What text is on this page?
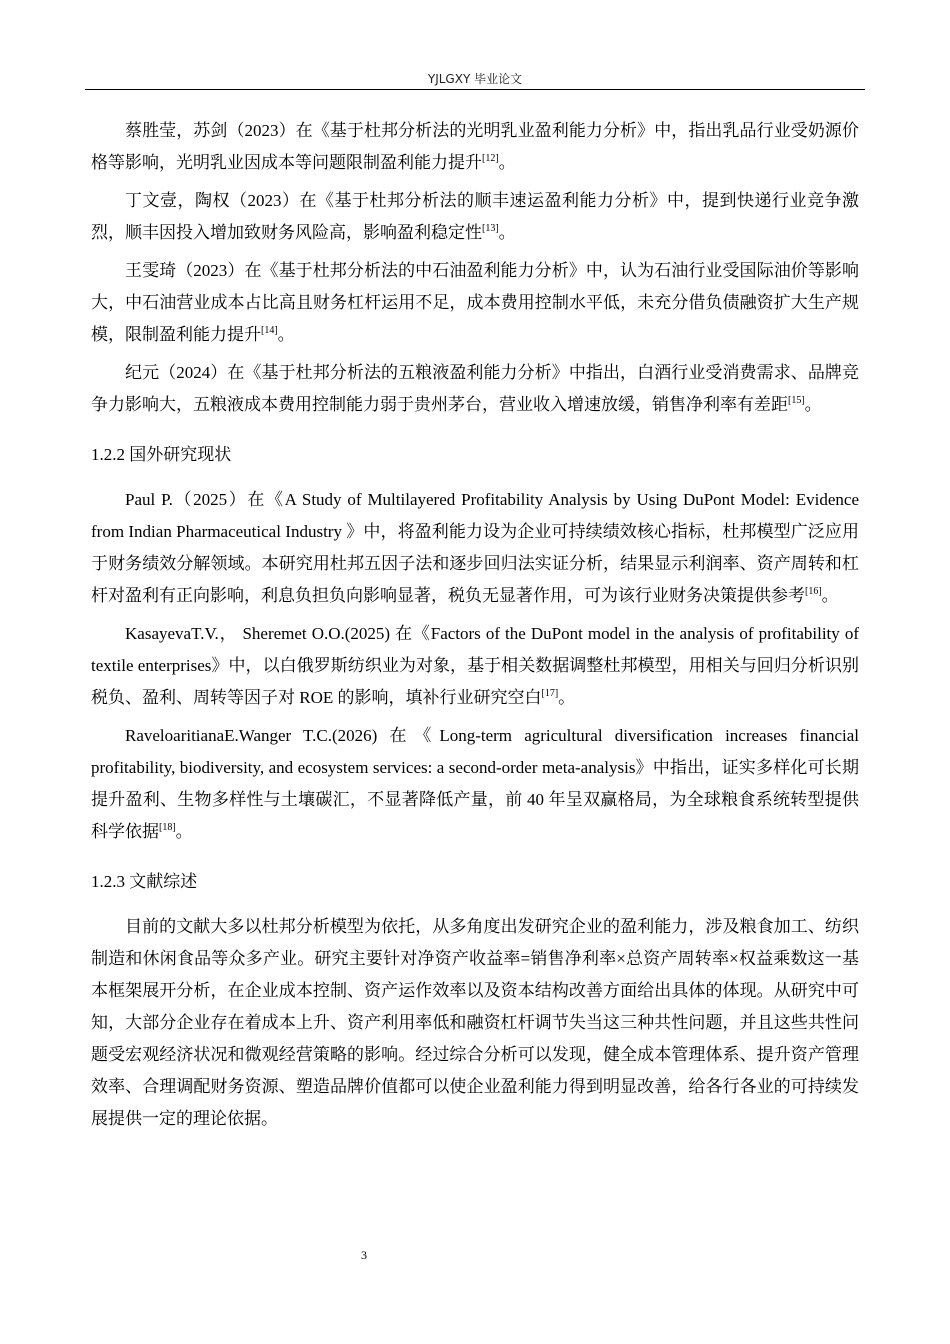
YJLGXY 毕业论文

蔡胜莹，苏剑（2023）在《基于杜邦分析法的光明乳业盈利能力分析》中，指出乳品行业受奶源价格等影响，光明乳业因成本等问题限制盈利能力提升[12]。

丁文壹，陶权（2023）在《基于杜邦分析法的顺丰速运盈利能力分析》中，提到快递行业竞争激烈，顺丰因投入增加致财务风险高，影响盈利稳定性[13]。

王雯琦（2023）在《基于杜邦分析法的中石油盈利能力分析》中，认为石油行业受国际油价等影响大，中石油营业成本占比高且财务杠杆运用不足，成本费用控制水平低，未充分借负债融资扩大生产规模，限制盈利能力提升[14]。

纪元（2024）在《基于杜邦分析法的五粮液盈利能力分析》中指出，白酒行业受消费需求、品牌竞争力影响大，五粮液成本费用控制能力弱于贵州茅台，营业收入增速放缓，销售净利率有差距[15]。

1.2.2 国外研究现状

Paul P.（2025）在《A Study of Multilayered Profitability Analysis by Using DuPont Model: Evidence from Indian Pharmaceutical Industry 》中，将盈利能力设为企业可持续绩效核心指标，杜邦模型广泛应用于财务绩效分解领域。本研究用杜邦五因子法和逐步回归法实证分析，结果显示利润率、资产周转和杠杆对盈利有正向影响，利息负担负向影响显著，税负无显著作用，可为该行业财务决策提供参考[16]。

KasayevaT.V.， Sheremet O.O.(2025) 在《Factors of the DuPont model in the analysis of profitability of textile enterprises》中，以白俄罗斯纺织业为对象，基于相关数据调整杜邦模型，用相关与回归分析识别税负、盈利、周转等因子对 ROE 的影响，填补行业研究空白[17]。

RaveloaritianaE.Wanger T.C.(2026) 在《Long-term agricultural diversification increases financial profitability, biodiversity, and ecosystem services: a second-order meta-analysis》中指出，证实多样化可长期提升盈利、生物多样性与土壤碳汇，不显著降低产量，前 40 年呈双赢格局，为全球粮食系统转型提供科学依据[18]。

1.2.3 文献综述

目前的文献大多以杜邦分析模型为依托，从多角度出发研究企业的盈利能力，涉及粮食加工、纺织制造和休闲食品等众多产业。研究主要针对净资产收益率=销售净利率×总资产周转率×权益乘数这一基本框架展开分析，在企业成本控制、资产运作效率以及资本结构改善方面给出具体的体现。从研究中可知，大部分企业存在着成本上升、资产利用率低和融资杠杆调节失当这三种共性问题，并且这些共性问题受宏观经济状况和微观经营策略的影响。经过综合分析可以发现，健全成本管理体系、提升资产管理效率、合理调配财务资源、塑造品牌价值都可以使企业盈利能力得到明显改善，给各行各业的可持续发展提供一定的理论依据。

3
